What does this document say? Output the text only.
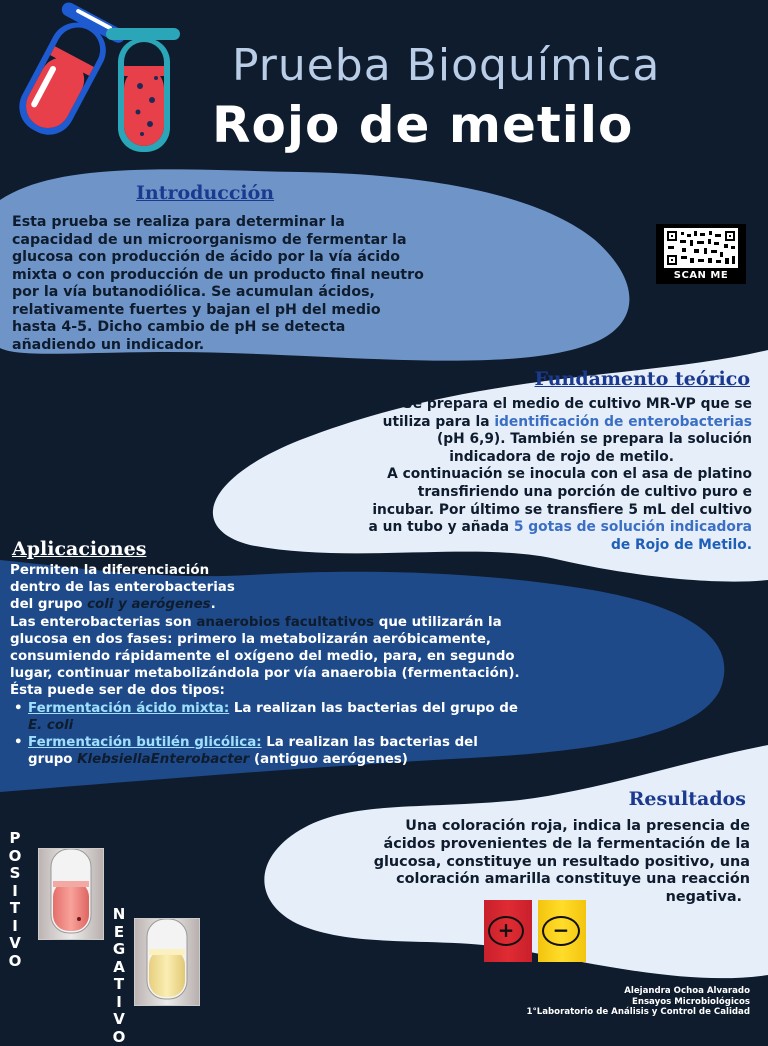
Prueba Bioquímica
Rojo de metilo
SCAN ME
Introducción
Esta prueba se realiza para determinar la
capacidad de un microorganismo de fermentar la
glucosa con producción de ácido por la vía ácido
mixta o con producción de un producto final neutro
por la vía butanodiólica. Se acumulan ácidos,
relativamente fuertes y bajan el pH del medio
hasta 4-5. Dicho cambio de pH se detecta
añadiendo un indicador.
Fundamento teórico
Se prepara el medio de cultivo MR-VP que se
utiliza para la identificación de enterobacterias
(pH 6,9). También se prepara la solución
indicadora de rojo de metilo.
A continuación se inocula con el asa de platino
transfiriendo una porción de cultivo puro e
incubar. Por último se transfiere 5 mL del cultivo
a un tubo y añada 5 gotas de solución indicadora
de Rojo de Metilo.
Aplicaciones
Permiten la diferenciación
dentro de las enterobacterias
del grupo coli y aerógenes.
Las enterobacterias son anaerobios facultativos que utilizarán la
glucosa en dos fases: primero la metabolizarán aeróbicamente,
consumiendo rápidamente el oxígeno del medio, para, en segundo
lugar, continuar metabolizándola por vía anaerobia (fermentación).
Ésta puede ser de dos tipos:
• Fermentación ácido mixta: La realizan las bacterias del grupo de
E. coli
• Fermentación butilén glicólica: La realizan las bacterias del
grupo KlebsiellaEnterobacter (antiguo aerógenes)
Resultados
Una coloración roja, indica la presencia de
ácidos provenientes de la fermentación de la
glucosa, constituye un resultado positivo, una
coloración amarilla constituye una reacción
negativa.
+	−
P
O
S
I
T
I
V
O
N
E
G
A
T
I
V
O
Alejandra Ochoa Alvarado
Ensayos Microbiológicos
1°Laboratorio de Análisis y Control de Calidad
